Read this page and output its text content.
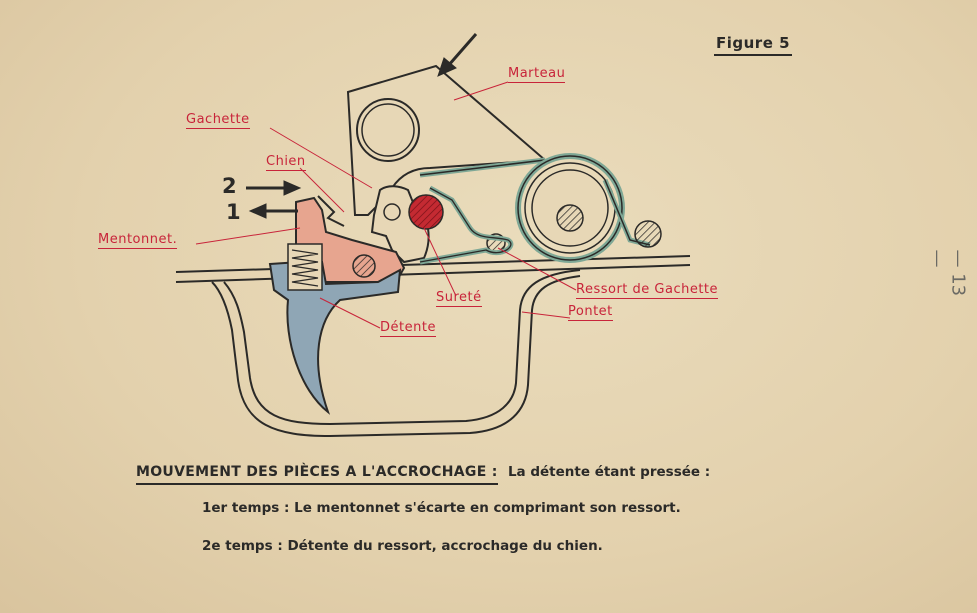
Figure 5
2
1
Marteau
Gachette
Chien
Mentonnet.
Sureté
Ressort de Gachette
Pontet
Détente
— 13 —
MOUVEMENT DES PIÈCES A L'ACCROCHAGE : La détente étant pressée :
1er temps : Le mentonnet s'écarte en comprimant son ressort.
2e temps : Détente du ressort, accrochage du chien.
